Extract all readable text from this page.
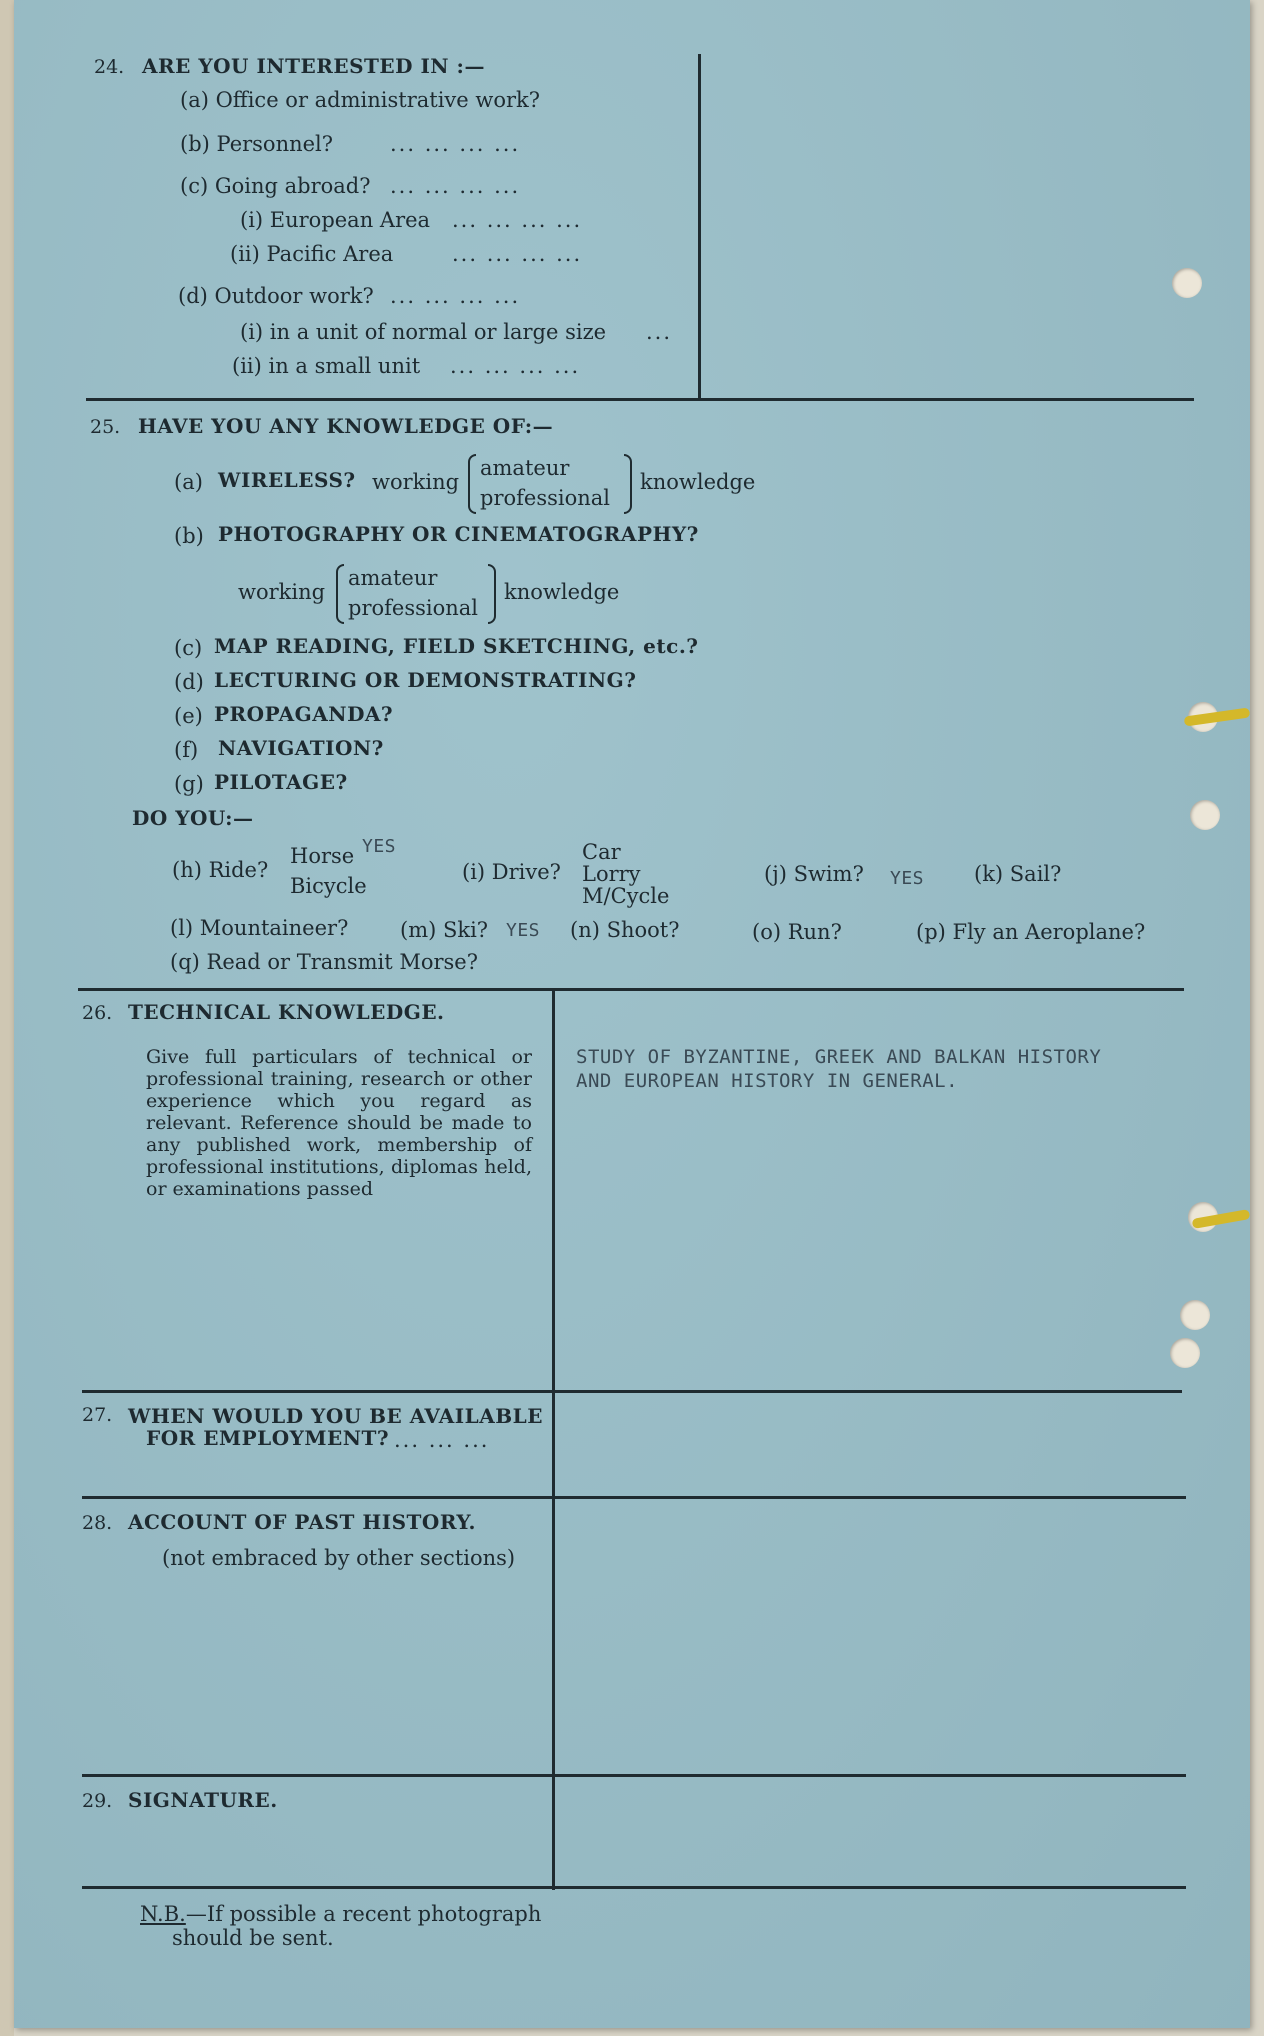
24. ARE YOU INTERESTED IN :—
(a) Office or administrative work?
(b) Personnel?	... ... ... ...
(c) Going abroad? ... ... ... ...
(i) European Area ... ... ... ...
(ii) Pacific Area	... ... ... ...
(d) Outdoor work? ... ... ... ...
(i) in a unit of normal or large size ...
(ii) in a small unit ... ... ... ...
25. HAVE YOU ANY KNOWLEDGE OF:—
(a) WIRELESS? working
amateur
professional
knowledge
(b) PHOTOGRAPHY OR CINEMATOGRAPHY?
working
amateur
professional
knowledge
(c) MAP READING, FIELD SKETCHING, etc.?
(d) LECTURING OR DEMONSTRATING?
(e) PROPAGANDA?
(f) NAVIGATION?
(g) PILOTAGE?
DO YOU:—
(h) Ride?
Horse YES
Bicycle
(i) Drive?
Car
Lorry
M/Cycle
(j) Swim? YES (k) Sail?
(l) Mountaineer? (m) Ski? YES (n) Shoot?	(o) Run?	(p) Fly an Aeroplane?
(q) Read or Transmit Morse?
26. TECHNICAL KNOWLEDGE.
Give full particulars of technical or professional training, research or other experience which you regard as relevant. Reference should be made to any published work, membership of professional institutions, diplomas held, or examinations passed
STUDY OF BYZANTINE, GREEK AND BALKAN HISTORY
AND EUROPEAN HISTORY IN GENERAL.
27. WHEN WOULD YOU BE AVAILABLE
FOR EMPLOYMENT? ... ... ...
28. ACCOUNT OF PAST HISTORY.
(not embraced by other sections)
29. SIGNATURE.
N.B.—If possible a recent photograph
should be sent.
